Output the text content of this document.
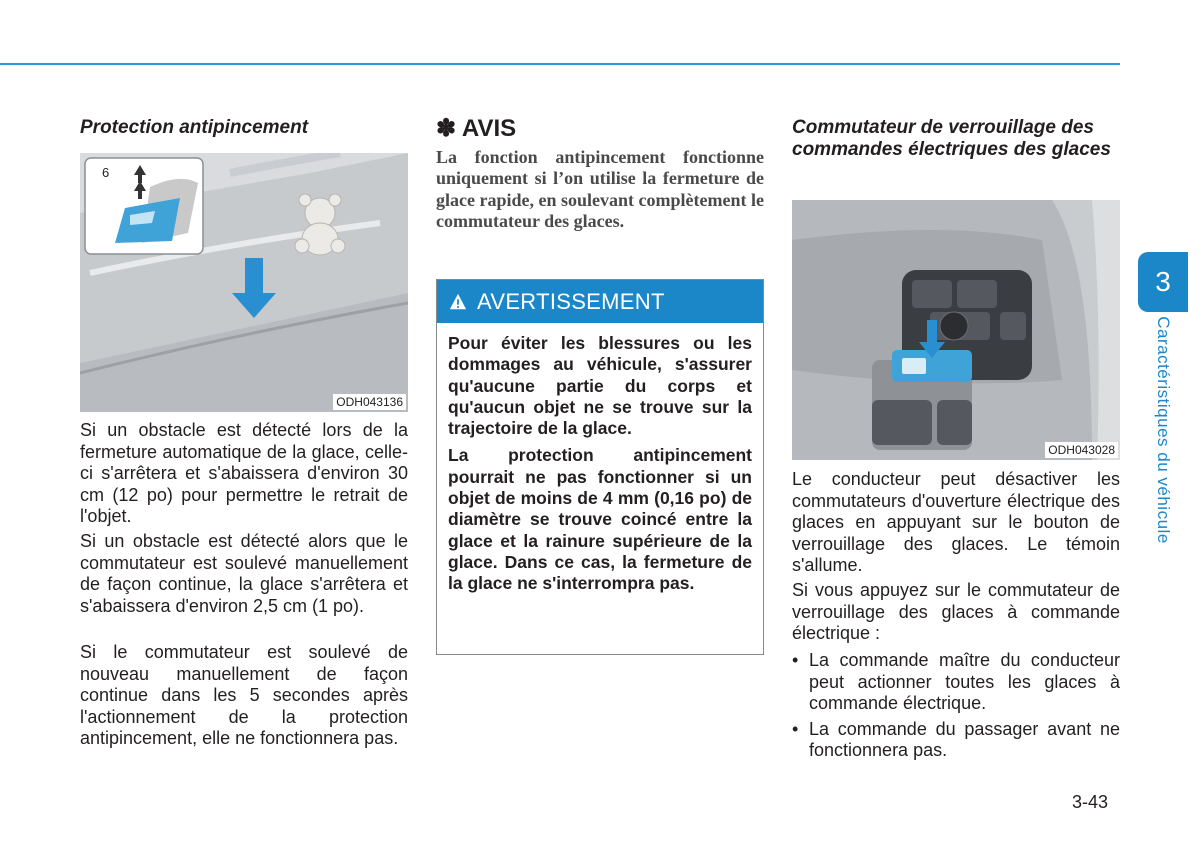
Protection antipincement
6
ODH043136

Si un obstacle est détecté lors de la fermeture automatique de la glace, celle-ci s'arrêtera et s'abaissera d'environ 30 cm (12 po) pour permettre le retrait de l'objet.

Si un obstacle est détecté alors que le commutateur est soulevé manuellement de façon continue, la glace s'arrêtera et s'abaissera d'environ 2,5 cm (1 po).

Si le commutateur est soulevé de nouveau manuellement de façon continue dans les 5 secondes après l'actionnement de la protection antipincement, elle ne fonctionnera pas.

✽ AVIS

La fonction antipincement fonctionne uniquement si l’on utilise la fermeture de glace rapide, en soulevant complètement le commutateur des glaces.

AVERTISSEMENT

Pour éviter les blessures ou les dommages au véhicule, s'assurer qu'aucune partie du corps et qu'aucun objet ne se trouve sur la trajectoire de la glace.

La protection antipincement pourrait ne pas fonctionner si un objet de moins de 4 mm (0,16 po) de diamètre se trouve coincé entre la glace et la rainure supérieure de la glace. Dans ce cas, la fermeture de la glace ne s'interrompra pas.

Commutateur de verrouillage des commandes électriques des glaces
ODH043028

Le conducteur peut désactiver les commutateurs d'ouverture électrique des glaces en appuyant sur le bouton de verrouillage des glaces. Le témoin s'allume.

Si vous appuyez sur le commutateur de verrouillage des glaces à commande électrique :

• La commande maître du conducteur peut actionner toutes les glaces à commande électrique.
• La commande du passager avant ne fonctionnera pas.
3
Caractéristiques du véhicule
3-43
